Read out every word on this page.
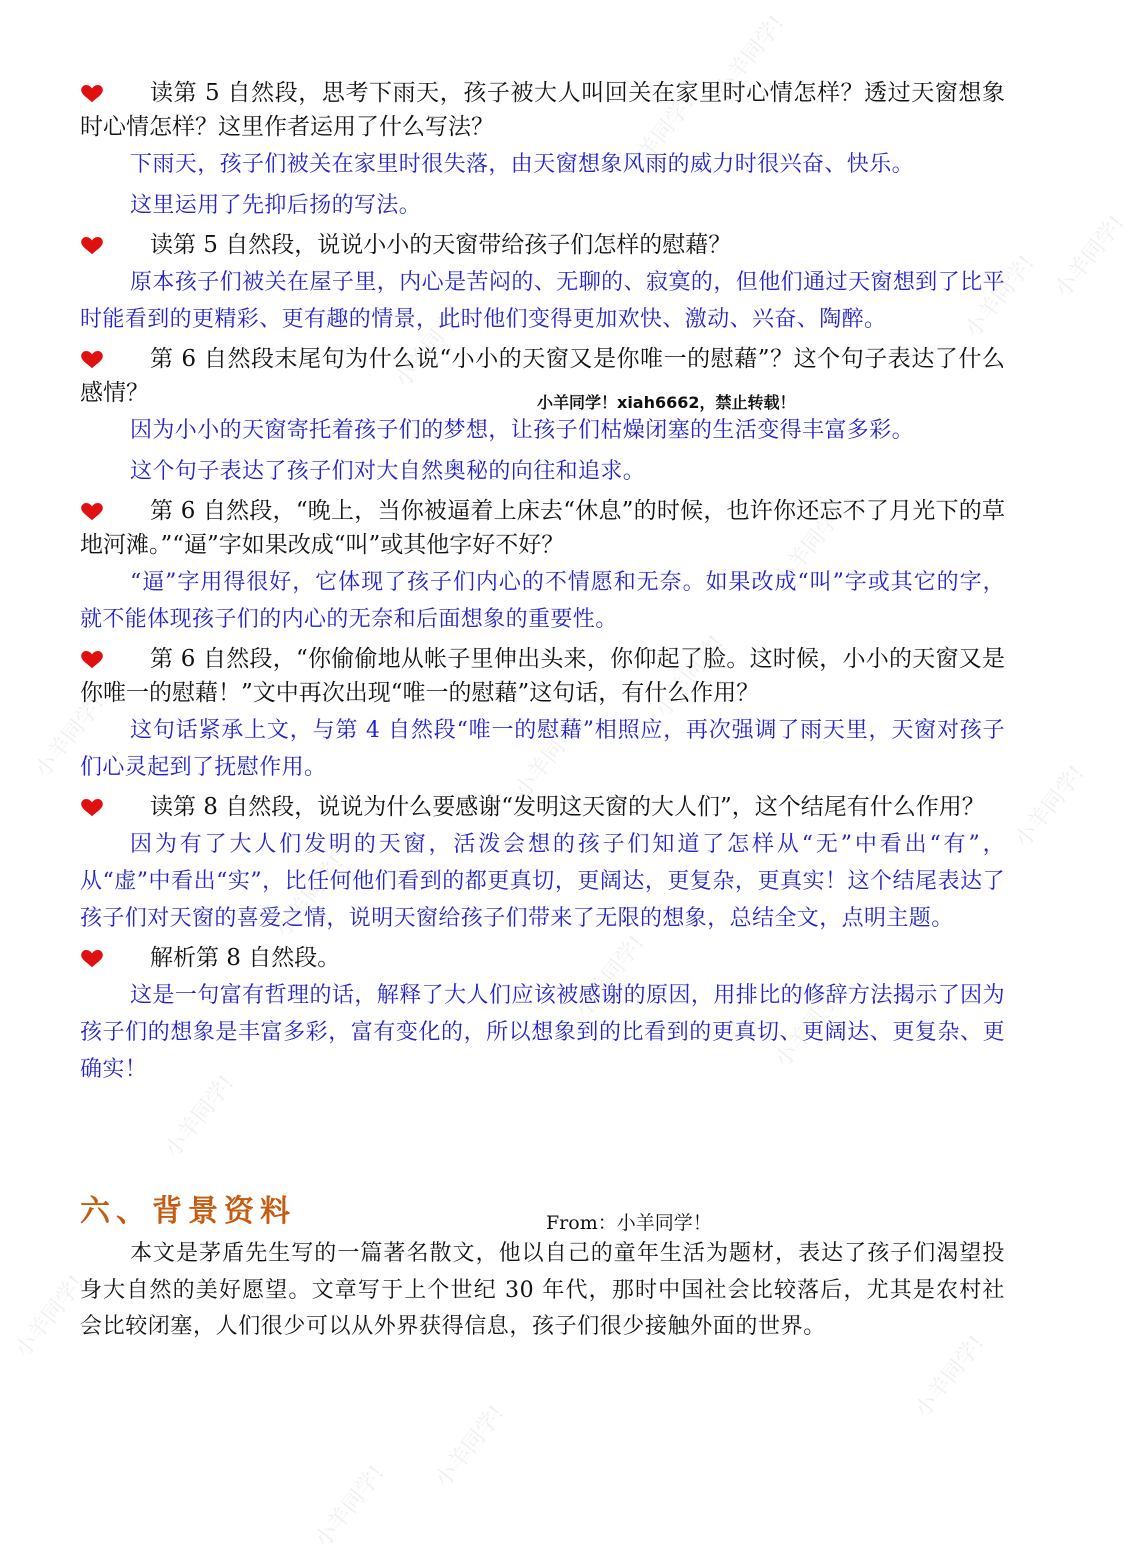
小羊同学!
小羊同学!
小羊同学! 小羊同学!
小羊同学!
小羊同学!
小羊同学!
小羊同学!	小羊同学!
小羊同学!
小羊同学!
小羊同学!
小羊同学!
小羊同学!
小羊同学!
小羊同学!
小羊同学!
小羊同学!

读第 5 自然段，思考下雨天，孩子被大人叫回关在家里时心情怎样？透过天窗想象时心情怎样？这里作者运用了什么写法？

下雨天，孩子们被关在家里时很失落，由天窗想象风雨的威力时很兴奋、快乐。

这里运用了先抑后扬的写法。

读第 5 自然段，说说小小的天窗带给孩子们怎样的慰藉？

原本孩子们被关在屋子里，内心是苦闷的、无聊的、寂寞的，但他们通过天窗想到了比平时能看到的更精彩、更有趣的情景，此时他们变得更加欢快、激动、兴奋、陶醉。

第 6 自然段末尾句为什么说“小小的天窗又是你唯一的慰藉”？这个句子表达了什么感情？

因为小小的天窗寄托着孩子们的梦想，让孩子们枯燥闭塞的生活变得丰富多彩。

这个句子表达了孩子们对大自然奥秘的向往和追求。

第 6 自然段，“晚上，当你被逼着上床去“休息”的时候，也许你还忘不了月光下的草地河滩。”“逼”字如果改成“叫”或其他字好不好？

“逼”字用得很好，它体现了孩子们内心的不情愿和无奈。如果改成“叫”字或其它的字，就不能体现孩子们的内心的无奈和后面想象的重要性。

第 6 自然段，“你偷偷地从帐子里伸出头来，你仰起了脸。这时候，小小的天窗又是你唯一的慰藉！”文中再次出现“唯一的慰藉”这句话，有什么作用？

这句话紧承上文，与第 4 自然段“唯一的慰藉”相照应，再次强调了雨天里，天窗对孩子们心灵起到了抚慰作用。

读第 8 自然段，说说为什么要感谢“发明这天窗的大人们”，这个结尾有什么作用？

因为有了大人们发明的天窗，活泼会想的孩子们知道了怎样从“无”中看出“有”，从“虚”中看出“实”，比任何他们看到的都更真切，更阔达，更复杂，更真实！这个结尾表达了孩子们对天窗的喜爱之情，说明天窗给孩子们带来了无限的想象，总结全文，点明主题。

解析第 8 自然段。

这是一句富有哲理的话，解释了大人们应该被感谢的原因，用排比的修辞方法揭示了因为孩子们的想象是丰富多彩，富有变化的，所以想象到的比看到的更真切、更阔达、更复杂、更确实！

小羊同学！xiah6662，禁止转载！
六、背景资料	From：小羊同学！

本文是茅盾先生写的一篇著名散文，他以自己的童年生活为题材，表达了孩子们渴望投身大自然的美好愿望。文章写于上个世纪 30 年代，那时中国社会比较落后，尤其是农村社会比较闭塞，人们很少可以从外界获得信息，孩子们很少接触外面的世界。
